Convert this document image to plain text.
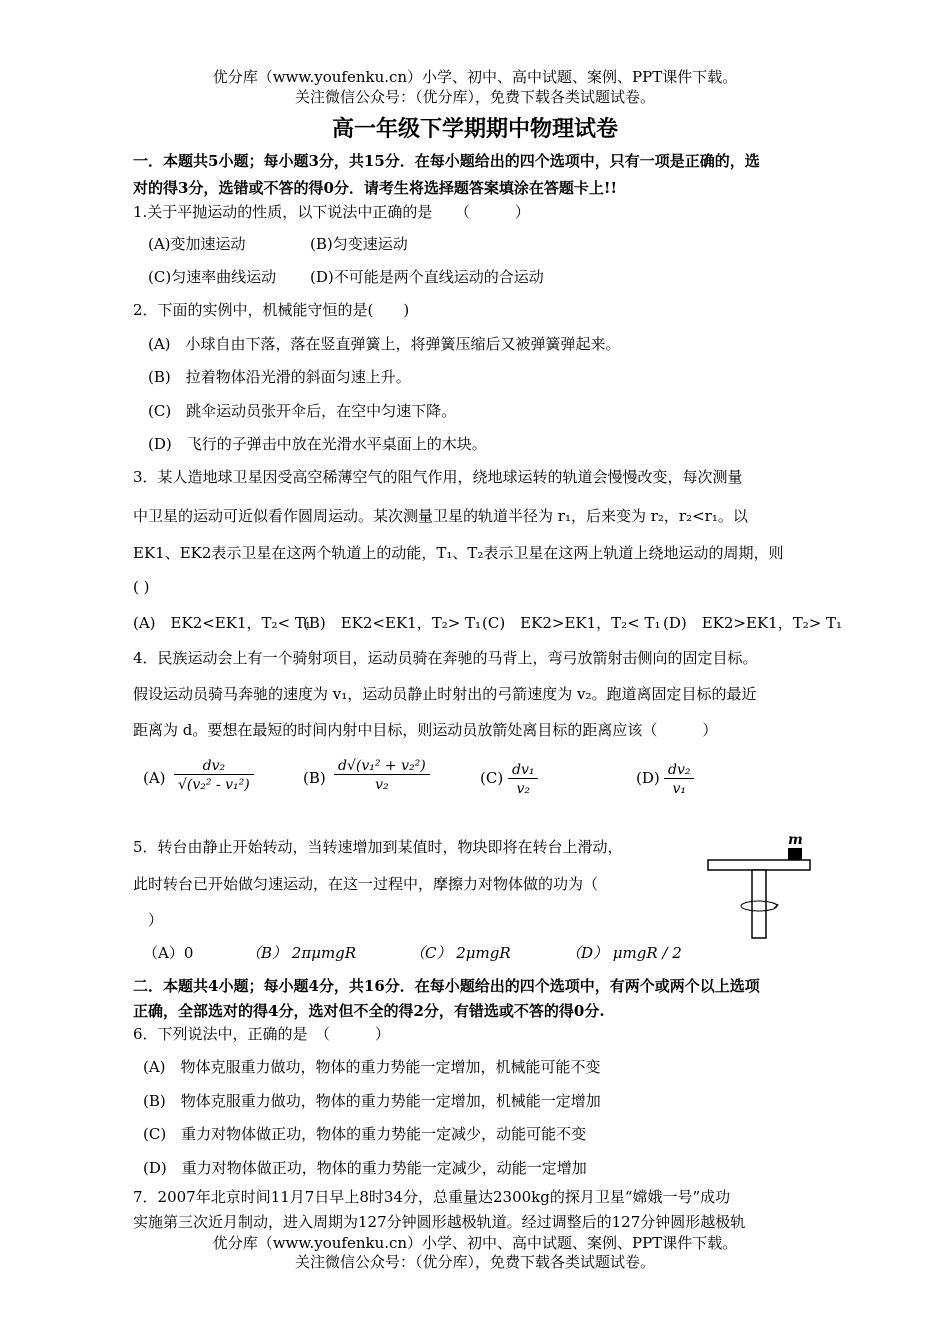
优分库（www.youfenku.cn）小学、初中、高中试题、案例、PPT课件下载。
关注微信公众号：（优分库），免费下载各类试题试卷。
高一年级下学期期中物理试卷
一．本题共5小题；每小题3分，共15分．在每小题给出的四个选项中，只有一项是正确的，选
对的得3分，选错或不答的得0分．请考生将选择题答案填涂在答题卡上!!
1.关于平抛运动的性质，以下说法中正确的是　　（　　　）
(A)变加速运动	(B)匀变速运动
(C)匀速率曲线运动 (D)不可能是两个直线运动的合运动
2．下面的实例中，机械能守恒的是(　　)
(A)　小球自由下落，落在竖直弹簧上，将弹簧压缩后又被弹簧弹起来。
(B)　拉着物体沿光滑的斜面匀速上升。
(C)　跳伞运动员张开伞后，在空中匀速下降。
(D)　飞行的子弹击中放在光滑水平桌面上的木块。
3．某人造地球卫星因受高空稀薄空气的阻气作用，绕地球运转的轨道会慢慢改变，每次测量
中卫星的运动可近似看作圆周运动。某次测量卫星的轨道半径为 r₁，后来变为 r₂，r₂<r₁。以
EK1、EK2表示卫星在这两个轨道上的动能，T₁、T₂表示卫星在这两上轨道上绕地运动的周期，则
( )
(A)　EK2<EK1，T₂< T₁
(B)　EK2<EK1，T₂> T₁ (C)　EK2>EK1，T₂< T₁ (D)　EK2>EK1，T₂> T₁
4．民族运动会上有一个骑射项目，运动员骑在奔驰的马背上，弯弓放箭射击侧向的固定目标。
假设运动员骑马奔驰的速度为 v₁，运动员静止时射出的弓箭速度为 v₂。跑道离固定目标的最近
距离为 d。要想在最短的时间内射中目标，则运动员放箭处离目标的距离应该（　　　）
$(A) \frac{\text{dv₂}}{\text{√(v₂² - v₁²)}}$	$(B) \frac{\text{d√(v₁² + v₂²)}}{\text{v₂}}$	$(C) \frac{\text{dv₁}}{\text{v₂}}$	$(D) \frac{\text{dv₂}}{\text{v₁}}$
5．转台由静止开始转动，当转速增加到某值时，物块即将在转台上滑动，
此时转台已开始做匀速运动，在这一过程中，摩擦力对物体做的功为（
）
（A）0	（B） 2πμmgR	（C） 2μmgR	（D） μmgR / 2
m
二．本题共4小题；每小题4分，共16分．在每小题给出的四个选项中，有两个或两个以上选项
正确，全部选对的得4分，选对但不全的得2分，有错选或不答的得0分.
6．下列说法中，正确的是　（　　　）
(A)　物体克服重力做功，物体的重力势能一定增加，机械能可能不变
(B)　物体克服重力做功，物体的重力势能一定增加，机械能一定增加
(C)　重力对物体做正功，物体的重力势能一定减少，动能可能不变
(D)　重力对物体做正功，物体的重力势能一定减少，动能一定增加
7．2007年北京时间11月7日早上8时34分，总重量达2300kg的探月卫星“嫦娥一号”成功
实施第三次近月制动，进入周期为127分钟圆形越极轨道。经过调整后的127分钟圆形越极轨
优分库（www.youfenku.cn）小学、初中、高中试题、案例、PPT课件下载。
关注微信公众号：（优分库），免费下载各类试题试卷。
